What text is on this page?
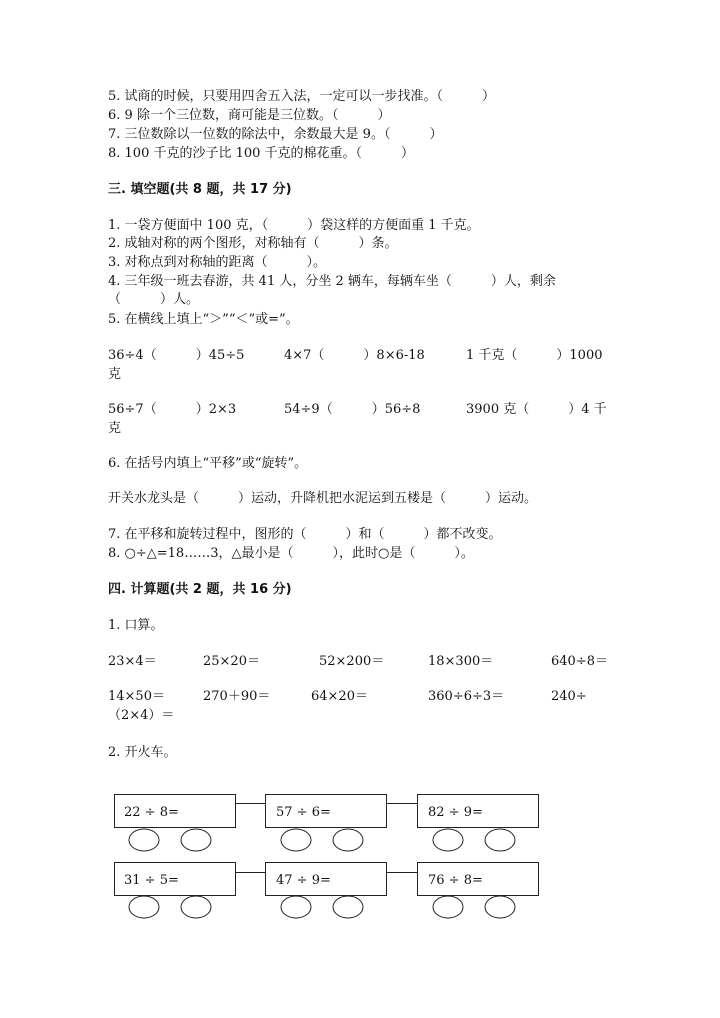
5. 试商的时候，只要用四舍五入法，一定可以一步找准。（　　　）
6. 9 除一个三位数，商可能是三位数。（　　　）
7. 三位数除以一位数的除法中，余数最大是 9。（　　　）
8. 100 千克的沙子比 100 千克的棉花重。（　　　）
三. 填空题(共 8 题，共 17 分)
1. 一袋方便面中 100 克，（　　　）袋这样的方便面重 1 千克。
2. 成轴对称的两个图形，对称轴有（　　　）条。
3. 对称点到对称轴的距离（　　　）。
4. 三年级一班去春游，共 41 人，分坐 2 辆车，每辆车坐（　　　）人，剩余
（　　　）人。
5. 在横线上填上“＞”“＜”或=”。
36÷4（　　　）45÷5	4×7（　　　）8×6-18	1 千克（　　　）1000
克
56÷7（　　　）2×3	54÷9（　　　）56÷8	3900 克（　　　）4 千
克
6. 在括号内填上“平移”或“旋转”。
开关水龙头是（　　　）运动，升降机把水泥运到五楼是（　　　）运动。
7. 在平移和旋转过程中，图形的（　　　）和（　　　）都不改变。
8. ○÷△=18……3，△最小是（　　　），此时○是（　　　）。
四. 计算题(共 2 题，共 16 分)
1. 口算。
23×4＝	25×20＝	52×200＝	18×300＝	640÷8＝
14×50＝	270＋90＝	64×20＝	360÷6÷3＝	240÷
（2×4）＝
2. 开火车。
22 ÷ 8=	57 ÷ 6=	82 ÷ 9=
31 ÷ 5=	47 ÷ 9=	76 ÷ 8=
